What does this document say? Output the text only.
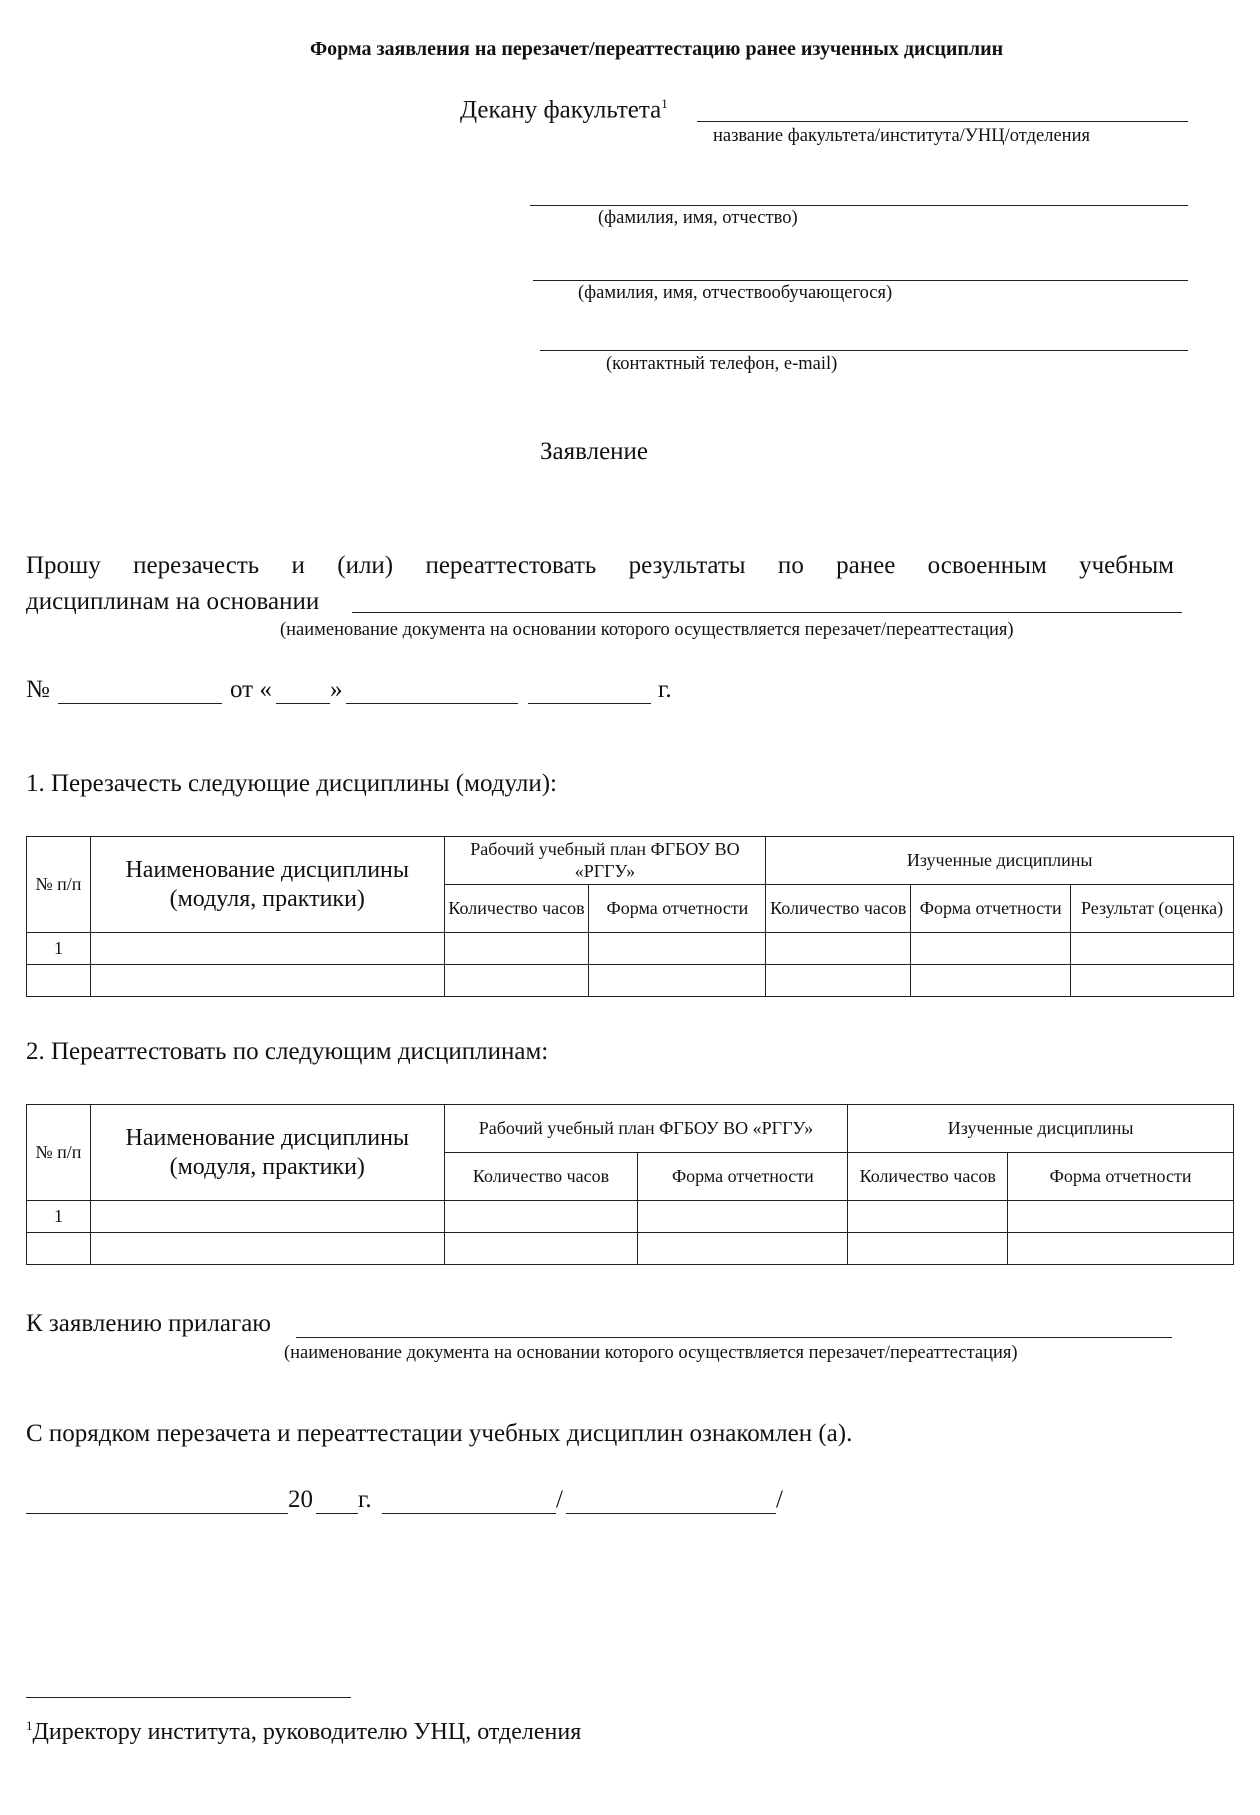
Форма заявления на перезачет/переаттестацию ранее изученных дисциплин
Декану факультета$^1$
название факультета/института/УНЦ/отделения
(фамилия, имя, отчество)
(фамилия, имя, отчествообучающегося)
(контактный телефон, e-mail)
Заявление
Прошу перезачесть и (или) переаттестовать результаты по ранее освоенным учебным
дисциплинам на основании
(наименование документа на основании которого осуществляется перезачет/переаттестация)
№	от « »	г.
1. Перезачесть следующие дисциплины (модули):
№ п/п	Наименование дисциплины (модуля, практики)	Рабочий учебный план ФГБОУ ВО «РГГУ»		Изученные дисциплины		
		Количество часов	Форма отчетности	Количество часов	Форма отчетности	Результат (оценка)
1						

2. Переаттестовать по следующим дисциплинам:
№ п/п	Наименование дисциплины (модуля, практики)	Рабочий учебный план ФГБОУ ВО «РГГУ»		Изученные дисциплины	
		Количество часов	Форма отчетности	Количество часов	Форма отчетности
1					

К заявлению прилагаю
(наименование документа на основании которого осуществляется перезачет/переаттестация)
С порядком перезачета и переаттестации учебных дисциплин ознакомлен (а).
20 г.	/	/
$^1$Директору института, руководителю УНЦ, отделения
